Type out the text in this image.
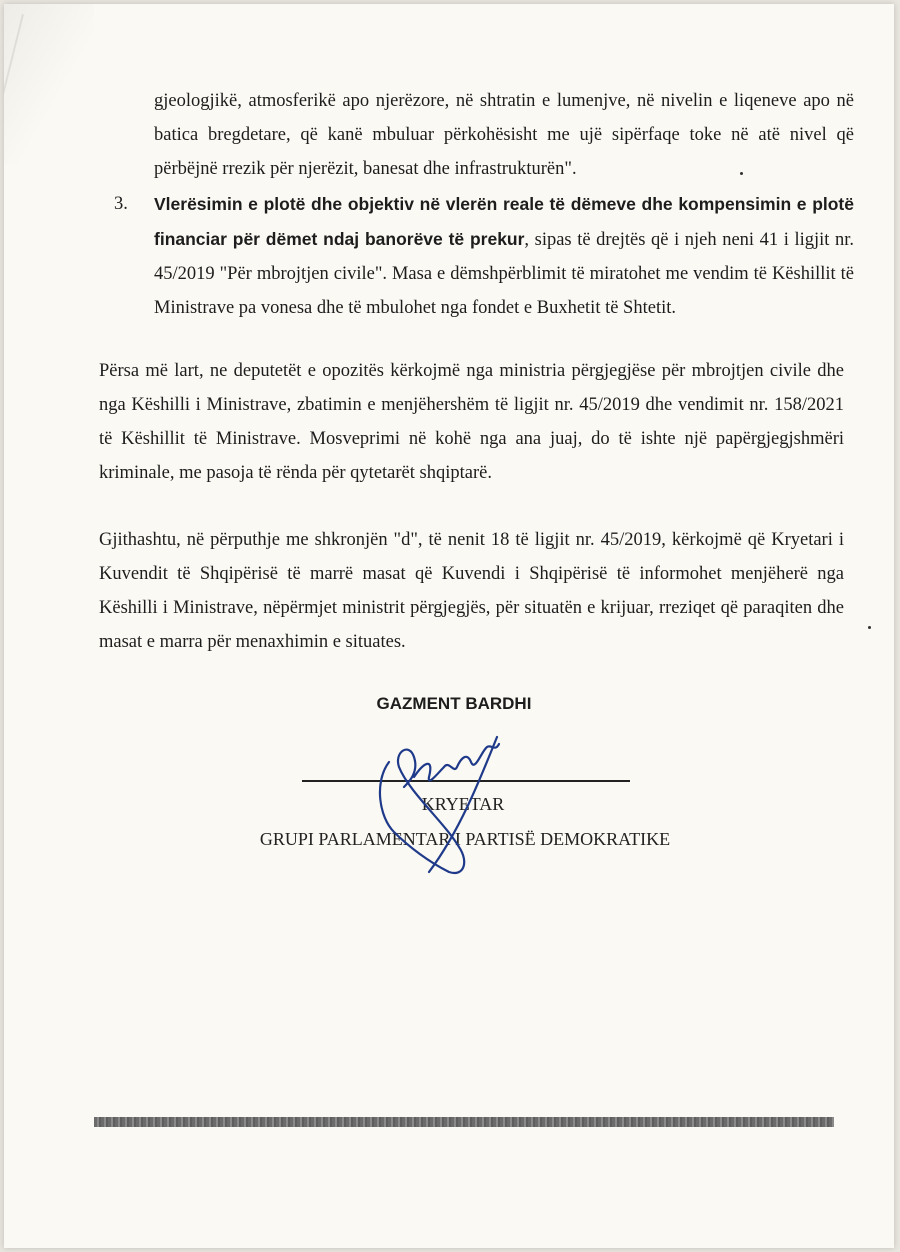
gjeologjikë, atmosferikë apo njerëzore, në shtratin e lumenjve, në nivelin e liqeneve apo në batica bregdetare, që kanë mbuluar përkohësisht me ujë sipërfaqe toke në atë nivel që përbëjnë rrezik për njerëzit, banesat dhe infrastrukturën".

3. Vlerësimin e plotë dhe objektiv në vlerën reale të dëmeve dhe kompensimin e plotë financiar për dëmet ndaj banorëve të prekur, sipas të drejtës që i njeh neni 41 i ligjit nr. 45/2019 "Për mbrojtjen civile". Masa e dëmshpërblimit të miratohet me vendim të Këshillit të Ministrave pa vonesa dhe të mbulohet nga fondet e Buxhetit të Shtetit.

Përsa më lart, ne deputetët e opozitës kërkojmë nga ministria përgjegjëse për mbrojtjen civile dhe nga Këshilli i Ministrave, zbatimin e menjëhershëm të ligjit nr. 45/2019 dhe vendimit nr. 158/2021 të Këshillit të Ministrave. Mosveprimi në kohë nga ana juaj, do të ishte një papërgjegjshmëri kriminale, me pasoja të rënda për qytetarët shqiptarë.

Gjithashtu, në përputhje me shkronjën "d", të nenit 18 të ligjit nr. 45/2019, kërkojmë që Kryetari i Kuvendit të Shqipërisë të marrë masat që Kuvendi i Shqipërisë të informohet menjëherë nga Këshilli i Ministrave, nëpërmjet ministrit përgjegjës, për situatën e krijuar, rreziqet që paraqiten dhe masat e marra për menaxhimin e situates.

GAZMENT BARDHI
KRYETAR
GRUPI PARLAMENTAR I PARTISË DEMOKRATIKE
